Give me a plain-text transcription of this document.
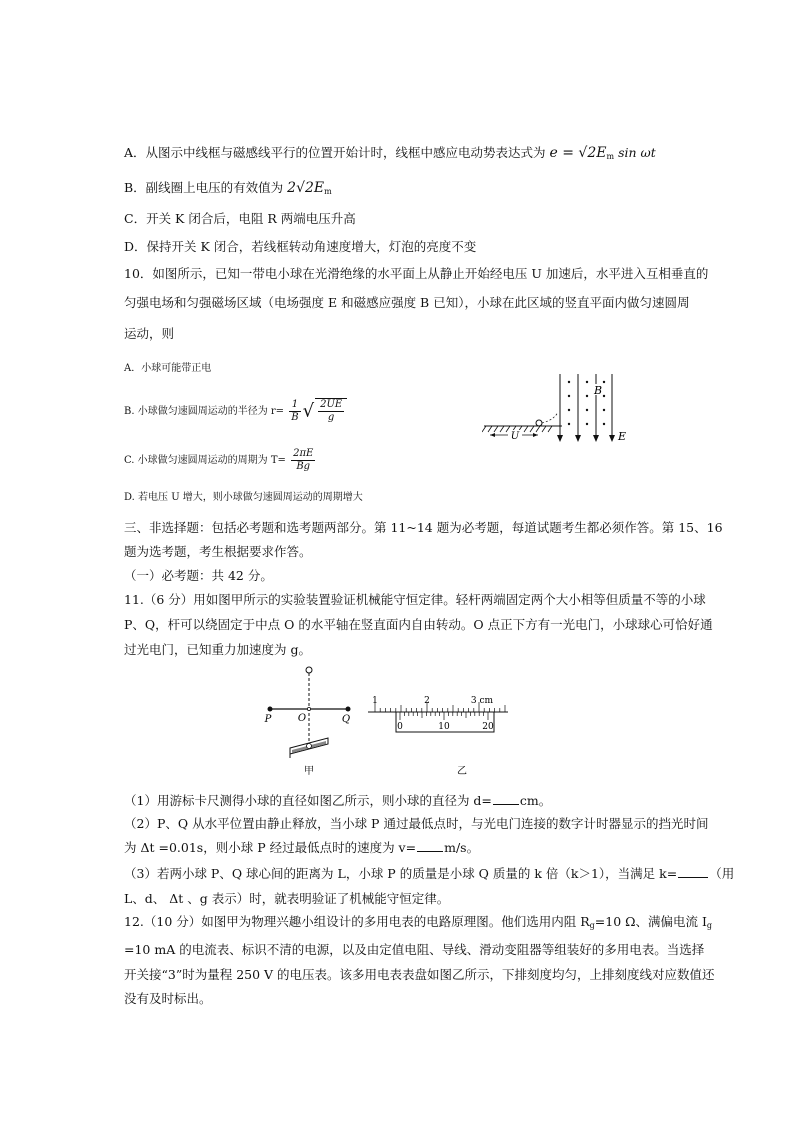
A．从图示中线框与磁感线平行的位置开始计时，线框中感应电动势表达式为 $e = √2E_m$ sin ωt
B．副线圈上电压的有效值为 $2√2E_m$
C．开关 K 闭合后，电阻 R 两端电压升高
D．保持开关 K 闭合，若线框转动角速度增大，灯泡的亮度不变
10．如图所示，已知一带电小球在光滑绝缘的水平面上从静止开始经电压 U 加速后，水平进入互相垂直的
匀强电场和匀强磁场区域（电场强度 E 和磁感应强度 B 已知），小球在此区域的竖直平面内做匀速圆周
运动，则
A．小球可能带正电
B. 小球做匀速圆周运动的半径为 $r= \frac{1}{B}$ √ $\frac{2UE}{g}$
C. 小球做匀速圆周运动的周期为 $T= \frac{2\pi E}{Bg}$
D. 若电压 U 增大，则小球做匀速圆周运动的周期增大
U
B
E
三、非选择题：包括必考题和选考题两部分。第 11~14 题为必考题，每道试题考生都必须作答。第 15、16
题为选考题，考生根据要求作答。
（一）必考题：共 42 分。
11.（6 分）用如图甲所示的实验装置验证机械能守恒定律。轻杆两端固定两个大小相等但质量不等的小球
P、Q，杆可以绕固定于中点 O 的水平轴在竖直面内自由转动。O 点正下方有一光电门，小球球心可恰好通
过光电门，已知重力加速度为 g。
P	O	Q
甲
1	2	3 cm
0	10	20
乙
（1）用游标卡尺测得小球的直径如图乙所示，则小球的直径为 d= cm。
（2）P、Q 从水平位置由静止释放，当小球 P 通过最低点时，与光电门连接的数字计时器显示的挡光时间
为 Δt =0.01s，则小球 P 经过最低点时的速度为 v= m/s。
（3）若两小球 P、Q 球心间的距离为 L，小球 P 的质量是小球 Q 质量的 k 倍（k＞1），当满足 k=	（用
L、d、 Δt 、g 表示）时，就表明验证了机械能守恒定律。
12.（10 分）如图甲为物理兴趣小组设计的多用电表的电路原理图。他们选用内阻 $R_g=10$ Ω、满偏电流 $I_g$
=10 mA 的电流表、标识不清的电源，以及由定值电阻、导线、滑动变阻器等组装好的多用电表。当选择
开关接“3”时为量程 250 V 的电压表。该多用电表表盘如图乙所示，下排刻度均匀，上排刻度线对应数值还
没有及时标出。
